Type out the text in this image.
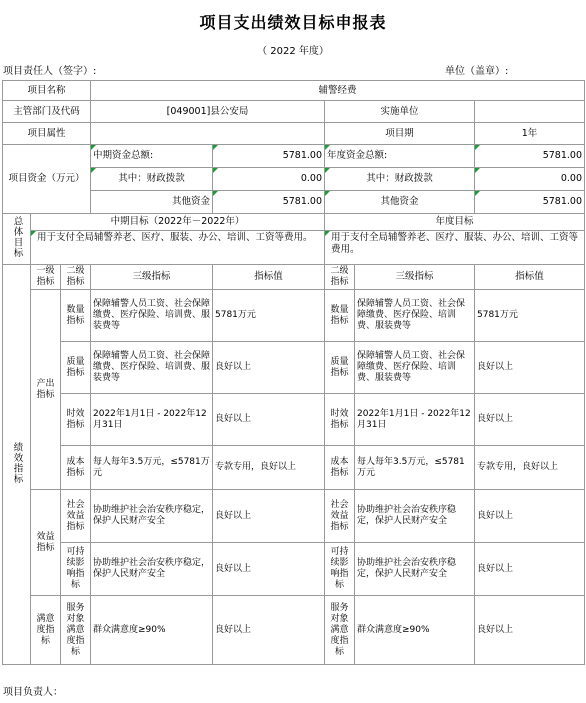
项目支出绩效目标申报表
（ 2022 年度）
项目责任人（签字）:	单位（盖章）:
项目名称			辅警经费				
主管部门及代码			[049001]县公安局		实施单位		
项目属性					项目期		1年
项目资金（万元）			中期资金总额:	5781.00	年度资金总额:		5781.00
			其中：财政拨款	0.00	其中：财政拨款		0.00
			其他资金	5781.00	其他资金		5781.00
总体目标	中期目标（2022年－2022年）				年度目标		
	用于支付全局辅警养老、医疗、服装、办公、培训、工资等费用。				用于支付全局辅警养老、医疗、服装、办公、培训、工资等费用。		
绩效指标	一级指标	二级指标	三级指标	指标值	二级指标	三级指标	指标值
	产出指标	数量指标	保障辅警人员工资、社会保障缴费、医疗保险、培训费、服装费等	5781万元	数量指标	保障辅警人员工资、社会保障缴费、医疗保险、培训费、服装费等	5781万元
		质量指标	保障辅警人员工资、社会保障缴费、医疗保险、培训费、服装费等	良好以上	质量指标	保障辅警人员工资、社会保障缴费、医疗保险、培训费、服装费等	良好以上
		时效指标	2022年1月1日 - 2022年12月31日	良好以上	时效指标	2022年1月1日 - 2022年12月31日	良好以上
		成本指标	每人每年3.5万元，≤5781万元	专款专用，良好以上	成本指标	每人每年3.5万元，≤5781万元	专款专用，良好以上
	效益指标	社会效益指标	协助维护社会治安秩序稳定，保护人民财产安全	良好以上	社会效益指标	协助维护社会治安秩序稳定，保护人民财产安全	良好以上
		可持续影响指标	协助维护社会治安秩序稳定，保护人民财产安全	良好以上	可持续影响指标	协助维护社会治安秩序稳定，保护人民财产安全	良好以上
	满意度指标	服务对象满意度指标	群众满意度≥90%	良好以上	服务对象满意度指标	群众满意度≥90%	良好以上
项目负责人：
